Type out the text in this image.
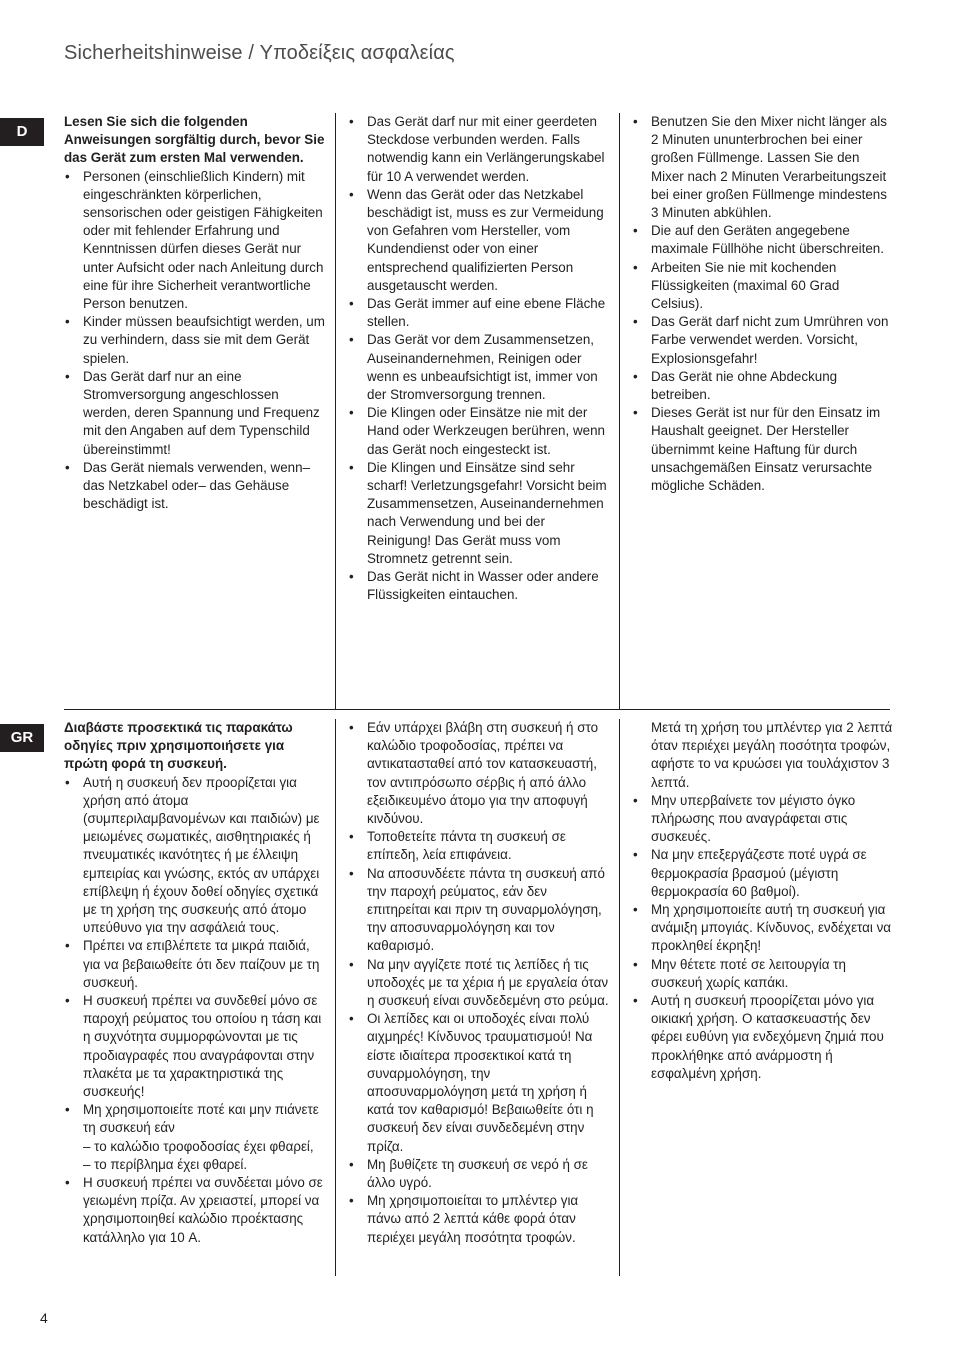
Sicherheitshinweise / Υποδείξεις ασφαλείας
D

Lesen Sie sich die folgenden Anweisungen sorgfältig durch, bevor Sie das Gerät zum ersten Mal verwenden.

• Personen (einschließlich Kindern) mit eingeschränkten körperlichen, sensorischen oder geistigen Fähigkeiten oder mit fehlender Erfahrung und Kenntnissen dürfen dieses Gerät nur unter Aufsicht oder nach Anleitung durch eine für ihre Sicherheit verantwortliche Person benutzen.
• Kinder müssen beaufsichtigt werden, um zu verhindern, dass sie mit dem Gerät spielen.
• Das Gerät darf nur an eine Stromversorgung angeschlossen werden, deren Spannung und Frequenz mit den Angaben auf dem Typenschild übereinstimmt!
• Das Gerät niemals verwenden, wenn– das Netzkabel oder– das Gehäuse beschädigt ist.
• Das Gerät darf nur mit einer geerdeten Steckdose verbunden werden. Falls notwendig kann ein Verlängerungskabel für 10 A verwendet werden.
• Wenn das Gerät oder das Netzkabel beschädigt ist, muss es zur Vermeidung von Gefahren vom Hersteller, vom Kundendienst oder von einer entsprechend qualifizierten Person ausgetauscht werden.
• Das Gerät immer auf eine ebene Fläche stellen.
• Das Gerät vor dem Zusammensetzen, Auseinandernehmen, Reinigen oder wenn es unbeaufsichtigt ist, immer von der Stromversorgung trennen.
• Die Klingen oder Einsätze nie mit der Hand oder Werkzeugen berühren, wenn das Gerät noch eingesteckt ist.
• Die Klingen und Einsätze sind sehr scharf! Verletzungsgefahr! Vorsicht beim Zusammensetzen, Auseinandernehmen nach Verwendung und bei der Reinigung! Das Gerät muss vom Stromnetz getrennt sein.
• Das Gerät nicht in Wasser oder andere Flüssigkeiten eintauchen.
• Benutzen Sie den Mixer nicht länger als 2 Minuten ununterbrochen bei einer großen Füllmenge. Lassen Sie den Mixer nach 2 Minuten Verarbeitungszeit bei einer großen Füllmenge mindestens 3 Minuten abkühlen.
• Die auf den Geräten angegebene maximale Füllhöhe nicht überschreiten.
• Arbeiten Sie nie mit kochenden Flüssigkeiten (maximal 60 Grad Celsius).
• Das Gerät darf nicht zum Umrühren von Farbe verwendet werden. Vorsicht, Explosionsgefahr!
• Das Gerät nie ohne Abdeckung betreiben.
• Dieses Gerät ist nur für den Einsatz im Haushalt geeignet. Der Hersteller übernimmt keine Haftung für durch unsachgemäßen Einsatz verursachte mögliche Schäden.
GR

Διαβάστε προσεκτικά τις παρακάτω οδηγίες πριν χρησιμοποιήσετε για πρώτη φορά τη συσκευή.

• Αυτή η συσκευή δεν προορίζεται για χρήση από άτομα (συμπεριλαμβανομένων και παιδιών) με μειωμένες σωματικές, αισθητηριακές ή πνευματικές ικανότητες ή με έλλειψη εμπειρίας και γνώσης, εκτός αν υπάρχει επίβλεψη ή έχουν δοθεί οδηγίες σχετικά με τη χρήση της συσκευής από άτομο υπεύθυνο για την ασφάλειά τους.
• Πρέπει να επιβλέπετε τα μικρά παιδιά, για να βεβαιωθείτε ότι δεν παίζουν με τη συσκευή.
• Η συσκευή πρέπει να συνδεθεί μόνο σε παροχή ρεύματος του οποίου η τάση και η συχνότητα συμμορφώνονται με τις προδιαγραφές που αναγράφονται στην πλακέτα με τα χαρακτηριστικά της συσκευής!
• Μη χρησιμοποιείτε ποτέ και μην πιάνετε τη συσκευή εάν
– το καλώδιο τροφοδοσίας έχει φθαρεί,
– το περίβλημα έχει φθαρεί.
• Η συσκευή πρέπει να συνδέεται μόνο σε γειωμένη πρίζα. Αν χρειαστεί, μπορεί να χρησιμοποιηθεί καλώδιο προέκτασης κατάλληλο για 10 A.
• Εάν υπάρχει βλάβη στη συσκευή ή στο καλώδιο τροφοδοσίας, πρέπει να αντικατασταθεί από τον κατασκευαστή, τον αντιπρόσωπο σέρβις ή από άλλο εξειδικευμένο άτομο για την αποφυγή κινδύνου.
• Τοποθετείτε πάντα τη συσκευή σε επίπεδη, λεία επιφάνεια.
• Να αποσυνδέετε πάντα τη συσκευή από την παροχή ρεύματος, εάν δεν επιτηρείται και πριν τη συναρμολόγηση, την αποσυναρμολόγηση και τον καθαρισμό.
• Να μην αγγίζετε ποτέ τις λεπίδες ή τις υποδοχές με τα χέρια ή με εργαλεία όταν η συσκευή είναι συνδεδεμένη στο ρεύμα.
• Οι λεπίδες και οι υποδοχές είναι πολύ αιχμηρές! Κίνδυνος τραυματισμού! Να είστε ιδιαίτερα προσεκτικοί κατά τη συναρμολόγηση, την αποσυναρμολόγηση μετά τη χρήση ή κατά τον καθαρισμό! Βεβαιωθείτε ότι η συσκευή δεν είναι συνδεδεμένη στην πρίζα.
• Μη βυθίζετε τη συσκευή σε νερό ή σε άλλο υγρό.
• Μη χρησιμοποιείται το μπλέντερ για πάνω από 2 λεπτά κάθε φορά όταν περιέχει μεγάλη ποσότητα τροφών.
Μετά τη χρήση του μπλέντερ για 2 λεπτά όταν περιέχει μεγάλη ποσότητα τροφών, αφήστε το να κρυώσει για τουλάχιστον 3 λεπτά.
• Μην υπερβαίνετε τον μέγιστο όγκο πλήρωσης που αναγράφεται στις συσκευές.
• Να μην επεξεργάζεστε ποτέ υγρά σε θερμοκρασία βρασμού (μέγιστη θερμοκρασία 60 βαθμοί).
• Μη χρησιμοποιείτε αυτή τη συσκευή για ανάμιξη μπογιάς. Κίνδυνος, ενδέχεται να προκληθεί έκρηξη!
• Μην θέτετε ποτέ σε λειτουργία τη συσκευή χωρίς καπάκι.
• Αυτή η συσκευή προορίζεται μόνο για οικιακή χρήση. Ο κατασκευαστής δεν φέρει ευθύνη για ενδεχόμενη ζημιά που προκλήθηκε από ανάρμοστη ή εσφαλμένη χρήση.
4
